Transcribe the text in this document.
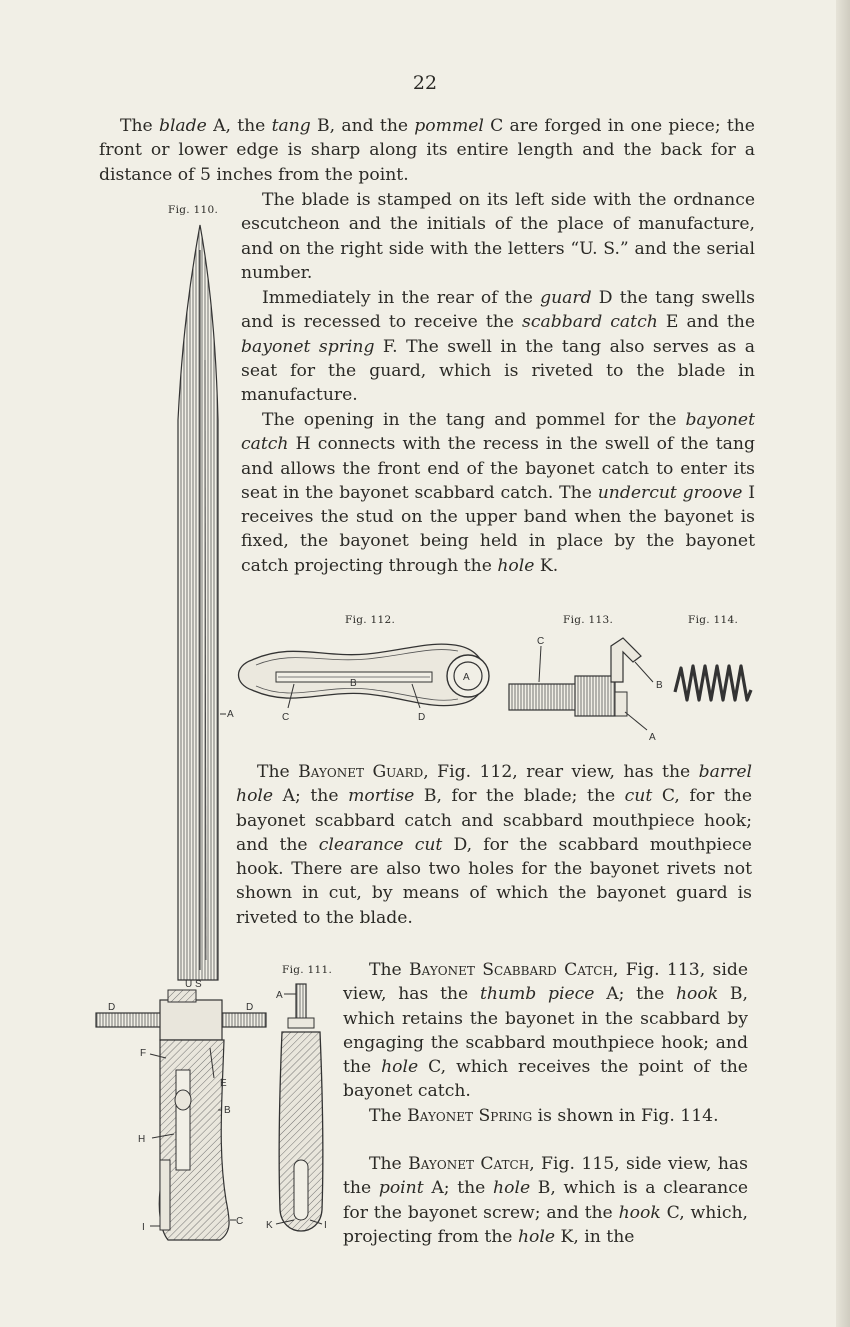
22
The blade A, the tang B, and the pommel C are forged in one piece; the front or lower edge is sharp along its entire length and the back for a distance of 5 inches from the point.
The blade is stamped on its left side with the ordnance escutcheon and the initials of the place of manufacture, and on the right side with the letters “U. S.” and the serial number.
Immediately in the rear of the guard D the tang swells and is recessed to receive the scabbard catch E and the bayonet spring F. The swell in the tang also serves as a seat for the guard, which is riveted to the blade in manufacture.
The opening in the tang and pommel for the bayonet catch H connects with the recess in the swell of the tang and allows the front end of the bayonet catch to enter its seat in the bayonet scabbard catch. The undercut groove I receives the stud on the upper band when the bayonet is fixed, the bayonet being held in place by the bayonet catch projecting through the hole K.
The Bayonet Guard, Fig. 112, rear view, has the barrel hole A; the mortise B, for the blade; the cut C, for the bayonet scabbard catch and scabbard mouthpiece hook; and the clearance cut D, for the scabbard mouthpiece hook. There are also two holes for the bayonet rivets not shown in cut, by means of which the bayonet guard is riveted to the blade.
The Bayonet Scabbard Catch, Fig. 113, side view, has the thumb piece A; the hook B, which retains the bayonet in the scabbard by engaging the scabbard mouthpiece hook; and the hole C, which receives the point of the bayonet catch.
The Bayonet Spring is shown in Fig. 114.
The Bayonet Catch, Fig. 115, side view, has the point A; the hole B, which is a clearance for the bayonet screw; and the hook C, which, projecting from the hole K, in the
Fig. 110.
Fig. 112.	Fig. 113.	Fig. 114.
Fig. 111.
A
U S
D	D
F
E
B
H
I
C
A
B
C	D
C
B
A
A
K	I
